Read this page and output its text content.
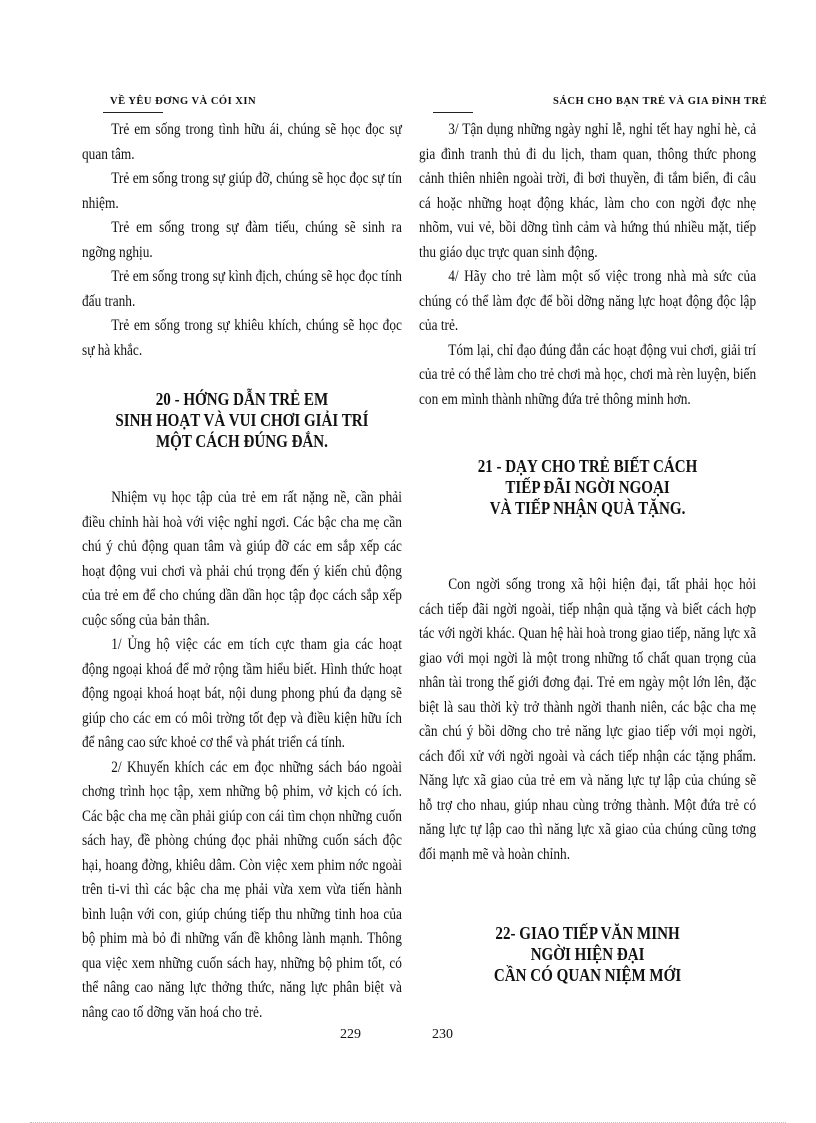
VỀ YÊU ĐƠNG VÀ CÓI XIN	SÁCH CHO BẠN TRẺ VÀ GIA ĐÌNH TRẺ

Trẻ em sống trong tình hữu ái, chúng sẽ học đọc sự quan tâm.

Trẻ em sống trong sự giúp đỡ, chúng sẽ học đọc sự tín nhiệm.

Trẻ em sống trong sự đàm tiếu, chúng sẽ sinh ra ngỡng nghịu.

Trẻ em sống trong sự kình địch, chúng sẽ học đọc tính đấu tranh.

Trẻ em sống trong sự khiêu khích, chúng sẽ học đọc sự hà khắc.

20 - HỚNG DẪN TRẺ EM
SINH HOẠT VÀ VUI CHƠI GIẢI TRÍ
MỘT CÁCH ĐÚNG ĐẮN.

Nhiệm vụ học tập của trẻ em rất nặng nề, cần phải điều chỉnh hài hoà với việc nghỉ ngơi. Các bậc cha mẹ cần chú ý chủ động quan tâm và giúp đỡ các em sắp xếp các hoạt động vui chơi và phải chú trọng đến ý kiến chủ động của trẻ em để cho chúng dần dần học tập đọc cách sắp xếp cuộc sống của bản thân.

1/ Ủng hộ việc các em tích cực tham gia các hoạt động ngoại khoá để mở rộng tầm hiểu biết. Hình thức hoạt động ngoại khoá hoạt bát, nội dung phong phú đa dạng sẽ giúp cho các em có môi trờng tốt đẹp và điều kiện hữu ích để nâng cao sức khoẻ cơ thể và phát triển cá tính.

2/ Khuyến khích các em đọc những sách báo ngoài chơng trình học tập, xem những bộ phim, vở kịch có ích. Các bậc cha mẹ cần phải giúp con cái tìm chọn những cuốn sách hay, đề phòng chúng đọc phải những cuốn sách độc hại, hoang đờng, khiêu dâm. Còn việc xem phim nớc ngoài trên ti-vi thì các bậc cha mẹ phải vừa xem vừa tiến hành bình luận với con, giúp chúng tiếp thu những tinh hoa của bộ phim mà bỏ đi những vấn đề không lành mạnh. Thông qua việc xem những cuốn sách hay, những bộ phim tốt, có thể nâng cao năng lực thởng thức, năng lực phân biệt và nâng cao tố dỡng văn hoá cho trẻ.

3/ Tận dụng những ngày nghỉ lễ, nghỉ tết hay nghỉ hè, cả gia đình tranh thủ đi du lịch, tham quan, thông thức phong cảnh thiên nhiên ngoài trời, đi bơi thuyền, đi tắm biển, đi câu cá hoặc những hoạt động khác, làm cho con ngời đợc nhẹ nhõm, vui vẻ, bồi dỡng tình cảm và hứng thú nhiều mặt, tiếp thu giáo dục trực quan sinh động.

4/ Hãy cho trẻ làm một số việc trong nhà mà sức của chúng có thể làm đợc để bồi dỡng năng lực hoạt động độc lập của trẻ.

Tóm lại, chỉ đạo đúng đắn các hoạt động vui chơi, giải trí của trẻ có thể làm cho trẻ chơi mà học, chơi mà rèn luyện, biến con em mình thành những đứa trẻ thông minh hơn.

21 - DẠY CHO TRẺ BIẾT CÁCH
TIẾP ĐÃI NGỜI NGOẠI
VÀ TIẾP NHẬN QUÀ TẶNG.

Con ngời sống trong xã hội hiện đại, tất phải học hỏi cách tiếp đãi ngời ngoài, tiếp nhận quà tặng và biết cách hợp tác với ngời khác. Quan hệ hài hoà trong giao tiếp, năng lực xã giao với mọi ngời là một trong những tố chất quan trọng của nhân tài trong thế giới đơng đại. Trẻ em ngày một lớn lên, đặc biệt là sau thời kỳ trở thành ngời thanh niên, các bậc cha mẹ cần chú ý bồi dỡng cho trẻ năng lực giao tiếp với mọi ngời, cách đối xử với ngời ngoài và cách tiếp nhận các tặng phẩm. Năng lực xã giao của trẻ em và năng lực tự lập của chúng sẽ hỗ trợ cho nhau, giúp nhau cùng trởng thành. Một đứa trẻ có năng lực tự lập cao thì năng lực xã giao của chúng cũng tơng đối mạnh mẽ và hoàn chỉnh.

22- GIAO TIẾP VĂN MINH
NGỜI HIỆN ĐẠI
CẦN CÓ QUAN NIỆM MỚI
229	230
